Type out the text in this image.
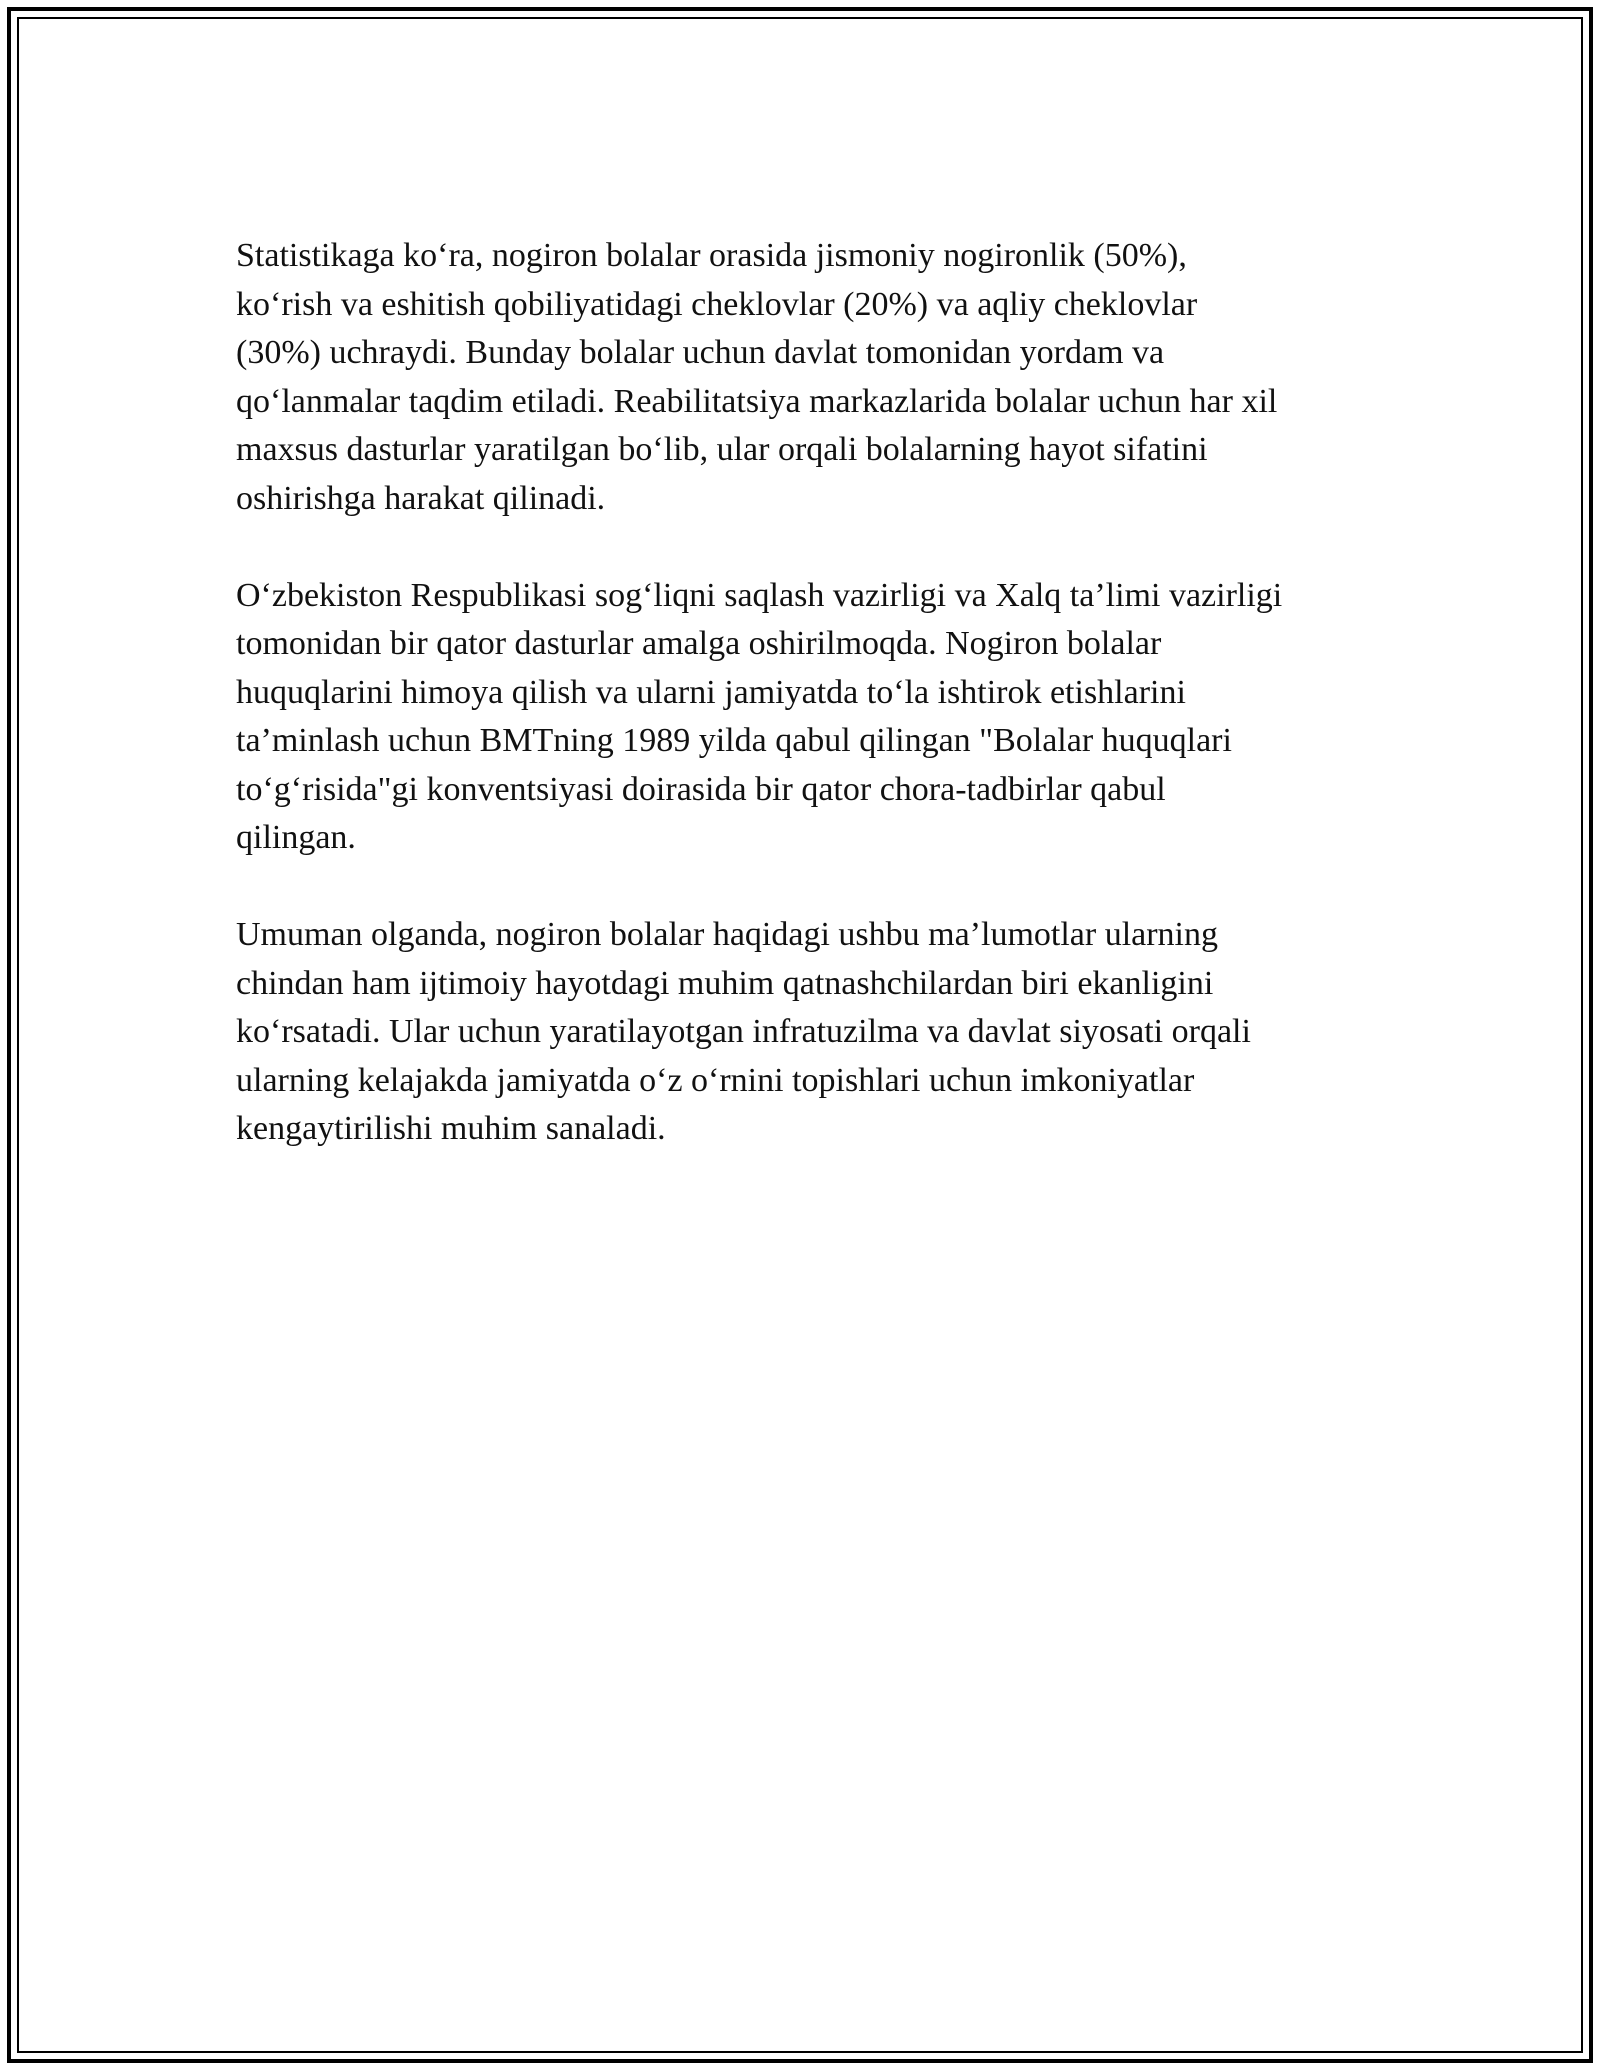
Statistikaga ko‘ra, nogiron bolalar orasida jismoniy nogironlik (50%),
ko‘rish va eshitish qobiliyatidagi cheklovlar (20%) va aqliy cheklovlar
(30%) uchraydi. Bunday bolalar uchun davlat tomonidan yordam va
qo‘lanmalar taqdim etiladi. Reabilitatsiya markazlarida bolalar uchun har xil
maxsus dasturlar yaratilgan bo‘lib, ular orqali bolalarning hayot sifatini
oshirishga harakat qilinadi.

O‘zbekiston Respublikasi sog‘liqni saqlash vazirligi va Xalq ta’limi vazirligi
tomonidan bir qator dasturlar amalga oshirilmoqda. Nogiron bolalar
huquqlarini himoya qilish va ularni jamiyatda to‘la ishtirok etishlarini
ta’minlash uchun BMTning 1989 yilda qabul qilingan "Bolalar huquqlari
to‘g‘risida"gi konventsiyasi doirasida bir qator chora-tadbirlar qabul
qilingan.

Umuman olganda, nogiron bolalar haqidagi ushbu ma’lumotlar ularning
chindan ham ijtimoiy hayotdagi muhim qatnashchilardan biri ekanligini
ko‘rsatadi. Ular uchun yaratilayotgan infratuzilma va davlat siyosati orqali
ularning kelajakda jamiyatda o‘z o‘rnini topishlari uchun imkoniyatlar
kengaytirilishi muhim sanaladi.
